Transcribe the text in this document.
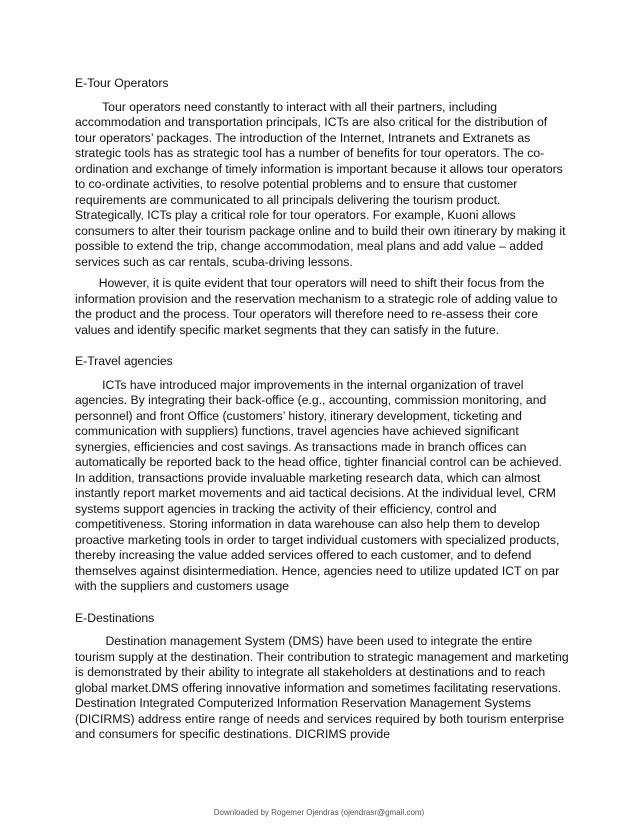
E-Tour Operators

Tour operators need constantly to interact with all their partners, including accommodation and transportation principals, ICTs are also critical for the distribution of tour operators’ packages. The introduction of the Internet, Intranets and Extranets as strategic tools has as strategic tool has a number of benefits for tour operators. The co-ordination and exchange of timely information is important because it allows tour operators to co-ordinate activities, to resolve potential problems and to ensure that customer requirements are communicated to all principals delivering the tourism product. Strategically, ICTs play a critical role for tour operators. For example, Kuoni allows consumers to alter their tourism package online and to build their own itinerary by making it possible to extend the trip, change accommodation, meal plans and add value – added services such as car rentals, scuba-driving lessons.

However, it is quite evident that tour operators will need to shift their focus from the information provision and the reservation mechanism to a strategic role of adding value to the product and the process. Tour operators will therefore need to re-assess their core values and identify specific market segments that they can satisfy in the future.

E-Travel agencies

ICTs have introduced major improvements in the internal organization of travel agencies. By integrating their back-office (e.g., accounting, commission monitoring, and personnel) and front Office (customers’ history, itinerary development, ticketing and communication with suppliers) functions, travel agencies have achieved significant synergies, efficiencies and cost savings. As transactions made in branch offices can automatically be reported back to the head office, tighter financial control can be achieved. In addition, transactions provide invaluable marketing research data, which can almost instantly report market movements and aid tactical decisions. At the individual level, CRM systems support agencies in tracking the activity of their efficiency, control and competitiveness. Storing information in data warehouse can also help them to develop proactive marketing tools in order to target individual customers with specialized products, thereby increasing the value added services offered to each customer, and to defend themselves against disintermediation. Hence, agencies need to utilize updated ICT on par with the suppliers and customers usage

E-Destinations

Destination management System (DMS) have been used to integrate the entire tourism supply at the destination. Their contribution to strategic management and marketing is demonstrated by their ability to integrate all stakeholders at destinations and to reach global market.DMS offering innovative information and sometimes facilitating reservations. Destination Integrated Computerized Information Reservation Management Systems (DICIRMS) address entire range of needs and services required by both tourism enterprise and consumers for specific destinations. DICRIMS provide

Downloaded by Rogemer Ojendras (ojendrasr@gmail.com)
